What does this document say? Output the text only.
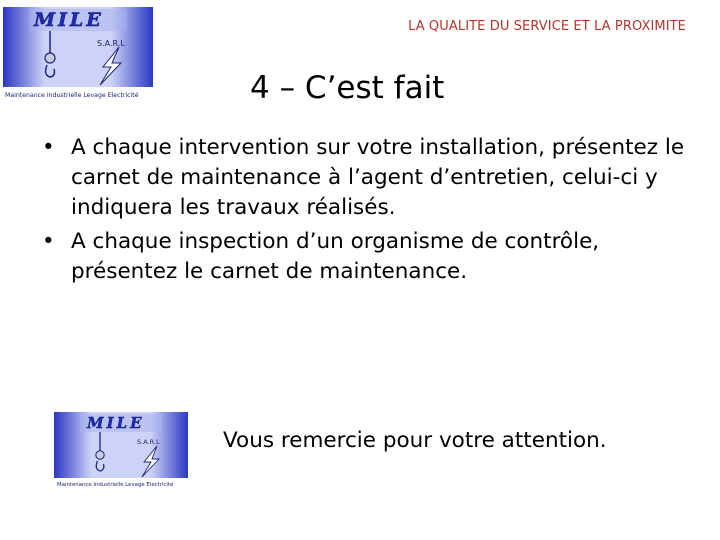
MILE
S.A.R.L
Maintenance Industrielle Levage Electricité
LA QUALITE DU SERVICE ET LA PROXIMITE
4 – C’est fait
• A chaque intervention sur votre installation, présentez le carnet de maintenance à l’agent d’entretien, celui-ci y indiquera les travaux réalisés.
• A chaque inspection d’un organisme de contrôle, présentez le carnet de maintenance.
MILE
S.A.R.L
Maintenance Industrielle Levage Electricité
Vous remercie pour votre attention.
